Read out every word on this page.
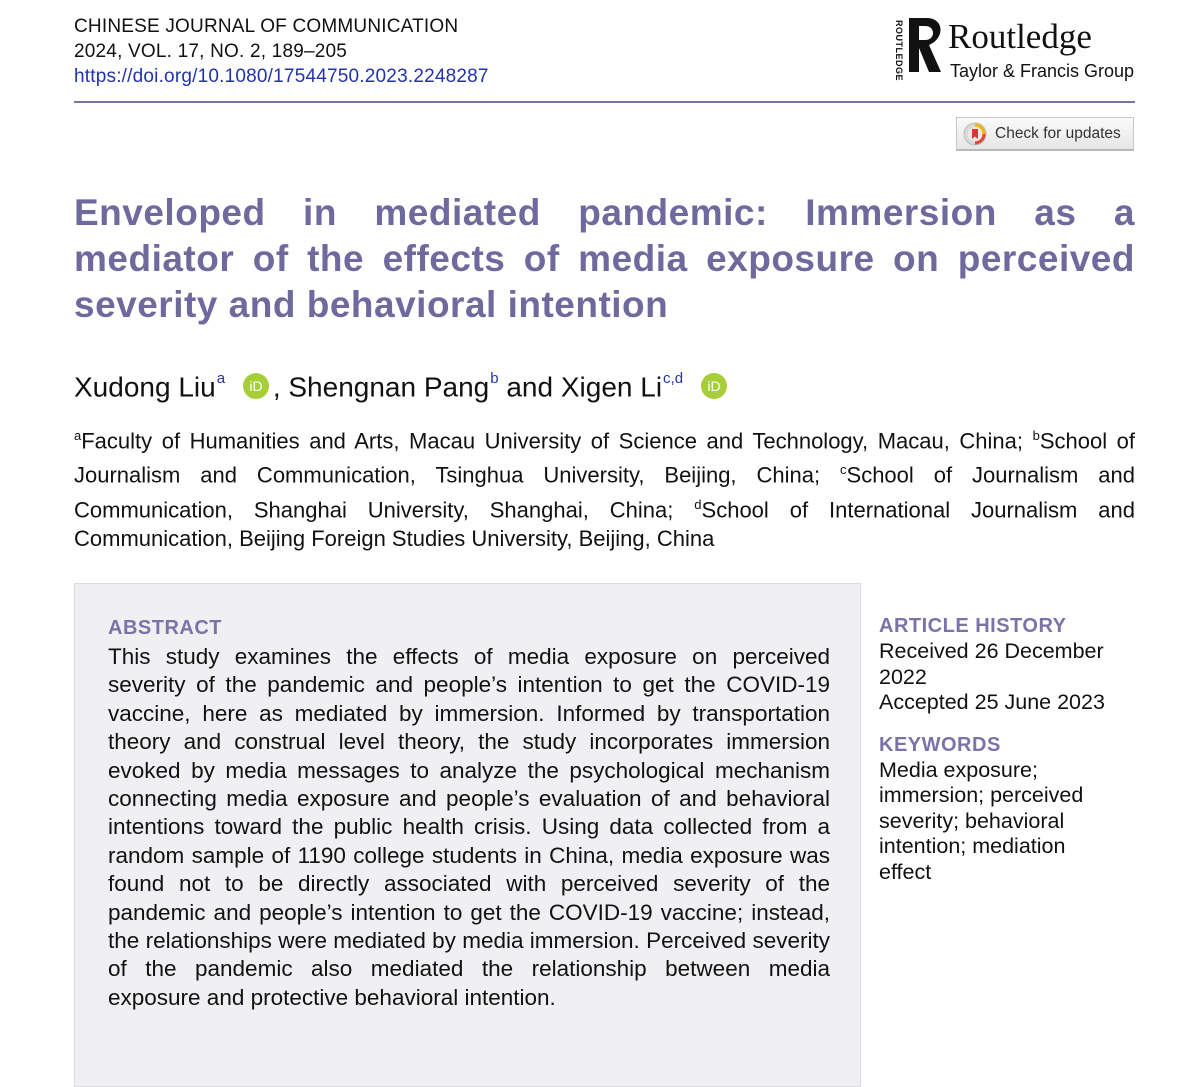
CHINESE JOURNAL OF COMMUNICATION
2024, VOL. 17, NO. 2, 189–205
https://doi.org/10.1080/17544750.2023.2248287	ROUTLEDGE Routledge
Taylor & Francis Group
Check for updates
Enveloped in mediated pandemic: Immersion as a mediator of the effects of media exposure on perceived severity and behavioral intention
Xudong Liu$^a$ iD , Shengnan Pang$^b$ and Xigen Li$^{c,d}$ iD
$^a$Faculty of Humanities and Arts, Macau University of Science and Technology, Macau, China; $^b$School of Journalism and Communication, Tsinghua University, Beijing, China; $^c$School of Journalism and Communication, Shanghai University, Shanghai, China; $^d$School of International Journalism and Communication, Beijing Foreign Studies University, Beijing, China
ABSTRACT

This study examines the effects of media exposure on perceived severity of the pandemic and people’s intention to get the COVID-19 vaccine, here as mediated by immersion. Informed by transportation theory and construal level theory, the study incorporates immersion evoked by media messages to analyze the psychological mechanism connecting media exposure and people’s evaluation of and behavioral intentions toward the public health crisis. Using data collected from a random sample of 1190 college students in China, media exposure was found not to be directly associated with perceived severity of the pandemic and people’s intention to get the COVID-19 vaccine; instead, the relationships were mediated by media immersion. Perceived severity of the pandemic also mediated the relationship between media exposure and protective behavioral intention.

ARTICLE HISTORY
Received 26 December
2022
Accepted 25 June 2023
KEYWORDS
Media exposure;
immersion; perceived
severity; behavioral
intention; mediation
effect
